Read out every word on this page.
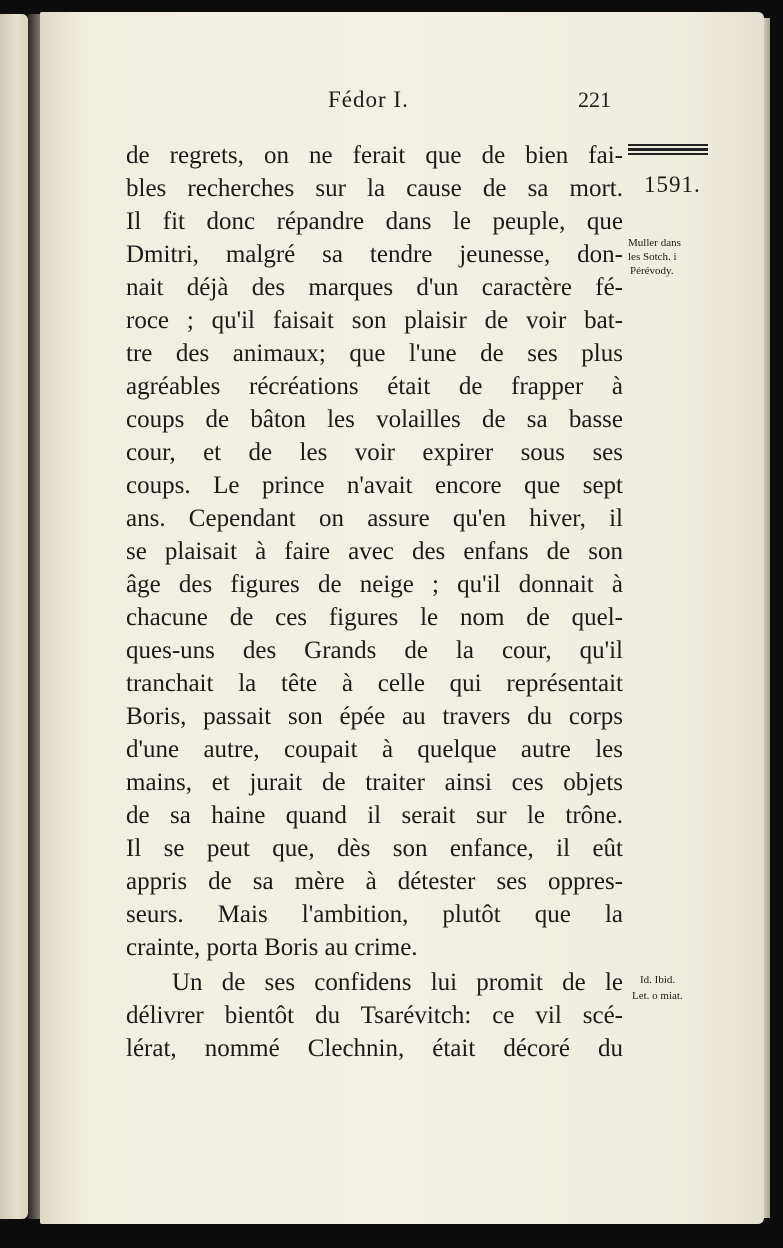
Fédor I.	221
1591.
Muller dans
les Sotch. i
Pérévody.
Id. Ibid.
Let. o miat.
de regrets, on ne ferait que de bien fai-
bles recherches sur la cause de sa mort.
Il fit donc répandre dans le peuple, que
Dmitri, malgré sa tendre jeunesse, don-
nait déjà des marques d'un caractère fé-
roce ; qu'il faisait son plaisir de voir bat-
tre des animaux; que l'une de ses plus
agréables récréations était de frapper à
coups de bâton les volailles de sa basse
cour, et de les voir expirer sous ses
coups. Le prince n'avait encore que sept
ans. Cependant on assure qu'en hiver, il
se plaisait à faire avec des enfans de son
âge des figures de neige ; qu'il donnait à
chacune de ces figures le nom de quel-
ques-uns des Grands de la cour, qu'il
tranchait la tête à celle qui représentait
Boris, passait son épée au travers du corps
d'une autre, coupait à quelque autre les
mains, et jurait de traiter ainsi ces objets
de sa haine quand il serait sur le trône.
Il se peut que, dès son enfance, il eût
appris de sa mère à détester ses oppres-
seurs. Mais l'ambition, plutôt que la
crainte, porta Boris au crime.
Un de ses confidens lui promit de le
délivrer bientôt du Tsarévitch: ce vil scé-
lérat, nommé Clechnin, était décoré du
